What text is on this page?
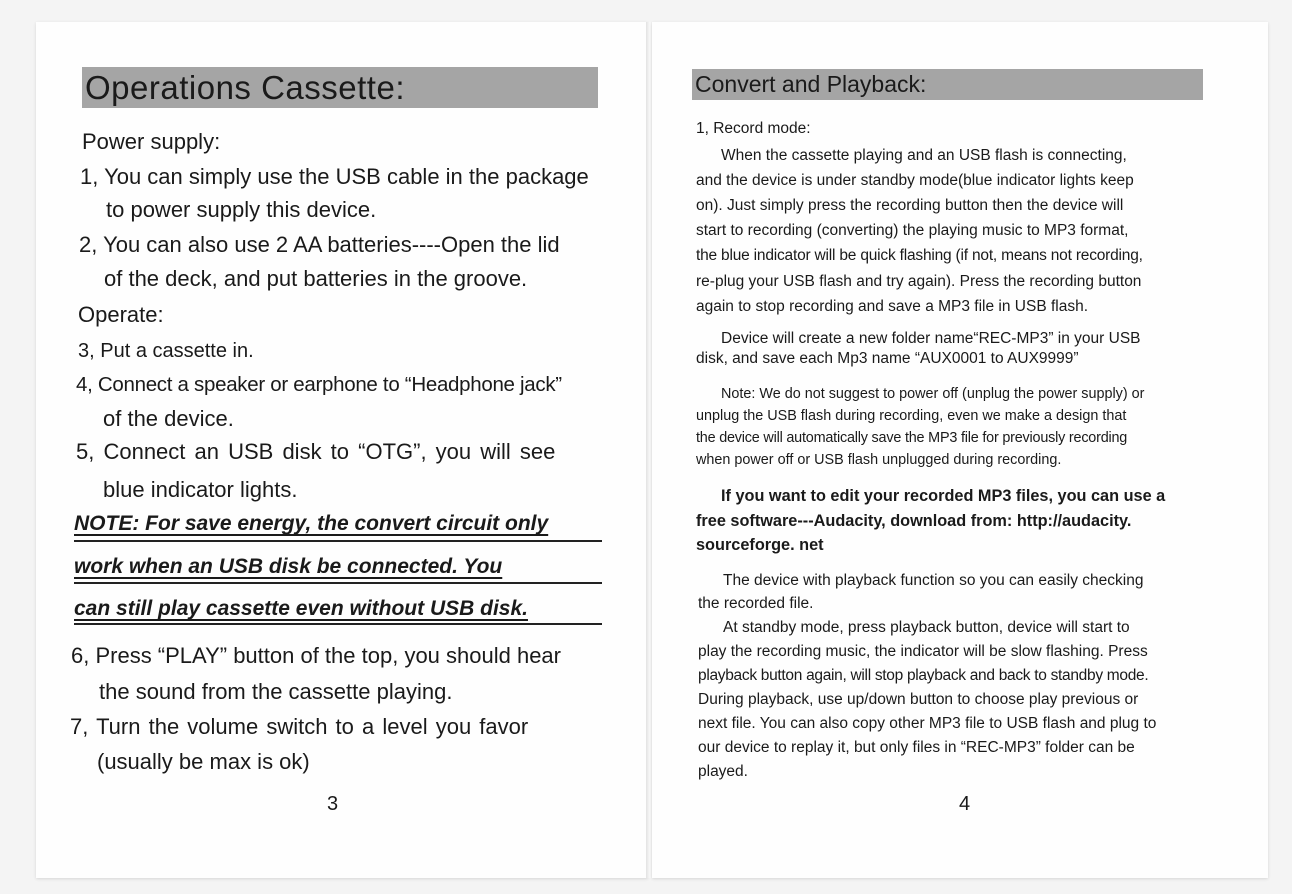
Operations Cassette:
Power supply:
1, You can simply use the USB cable in the package
to power supply this device.
2, You can also use 2 AA batteries----Open the lid
of the deck, and put batteries in the groove.
Operate:
3, Put a cassette in.
4, Connect a speaker or earphone to “Headphone jack”
of the device.
5, Connect an USB disk to “OTG”, you will see
blue indicator lights.
NOTE: For save energy, the convert circuit only
work when an USB disk be connected. You
can still play cassette even without USB disk.
6, Press “PLAY” button of the top, you should hear
the sound from the cassette playing.
7, Turn the volume switch to a level you favor
(usually be max is ok)
3
Convert and Playback:
1, Record mode:
When the cassette playing and an USB flash is connecting,
and the device is under standby mode(blue indicator lights keep
on). Just simply press the recording button then the device will
start to recording (converting) the playing music to MP3 format,
the blue indicator will be quick flashing (if not, means not recording,
re-plug your USB flash and try again). Press the recording button
again to stop recording and save a MP3 file in USB flash.
Device will create a new folder name“REC-MP3” in your USB
disk, and save each Mp3 name “AUX0001 to AUX9999”
Note: We do not suggest to power off (unplug the power supply) or
unplug the USB flash during recording, even we make a design that
the device will automatically save the MP3 file for previously recording
when power off or USB flash unplugged during recording.
If you want to edit your recorded MP3 files, you can use a
free software---Audacity, download from: http://audacity.
sourceforge. net
The device with playback function so you can easily checking
the recorded file.
At standby mode, press playback button, device will start to
play the recording music, the indicator will be slow flashing. Press
playback button again, will stop playback and back to standby mode.
During playback, use up/down button to choose play previous or
next file. You can also copy other MP3 file to USB flash and plug to
our device to replay it, but only files in “REC-MP3” folder can be
played.
4
